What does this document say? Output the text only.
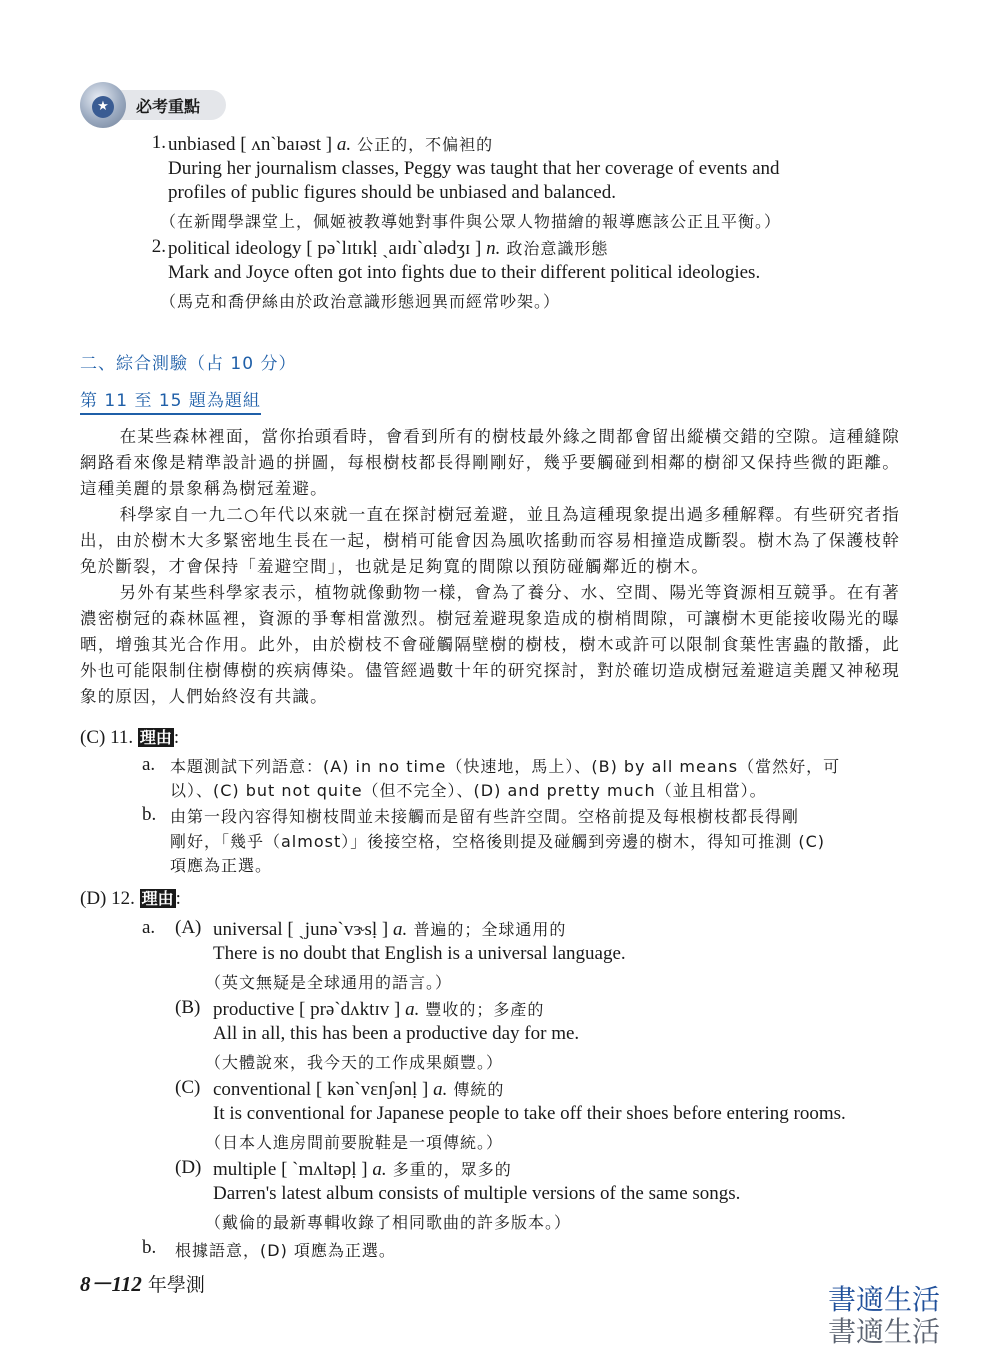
★	必考重點
1. unbiased [ ʌnˋbaɪəst ] a. 公正的，不偏袒的
During her journalism classes, Peggy was taught that her coverage of events and
profiles of public figures should be unbiased and balanced.
（在新聞學課堂上，佩姬被教導她對事件與公眾人物描繪的報導應該公正且平衡。）
2. political ideology [ pəˋlɪtɪkḷ ˏaɪdɪˋɑlədʒɪ ] n. 政治意識形態
Mark and Joyce often got into fights due to their different political ideologies.
（馬克和喬伊絲由於政治意識形態迥異而經常吵架。）
二、綜合測驗（占 10 分）
第 11 至 15 題為題組

在某些森林裡面，當你抬頭看時，會看到所有的樹枝最外緣之間都會留出縱橫交錯的空隙。這種縫隙網路看來像是精準設計過的拼圖，每根樹枝都長得剛剛好，幾乎要觸碰到相鄰的樹卻又保持些微的距離。這種美麗的景象稱為樹冠羞避。

科學家自一九二○年代以來就一直在探討樹冠羞避，並且為這種現象提出過多種解釋。有些研究者指出，由於樹木大多緊密地生長在一起，樹梢可能會因為風吹搖動而容易相撞造成斷裂。樹木為了保護枝幹免於斷裂，才會保持「羞避空間」，也就是足夠寬的間隙以預防碰觸鄰近的樹木。

另外有某些科學家表示，植物就像動物一樣，會為了養分、水、空間、陽光等資源相互競爭。在有著濃密樹冠的森林區裡，資源的爭奪相當激烈。樹冠羞避現象造成的樹梢間隙，可讓樹木更能接收陽光的曝晒，增強其光合作用。此外，由於樹枝不會碰觸隔壁樹的樹枝，樹木或許可以限制食葉性害蟲的散播，此外也可能限制住樹傳樹的疾病傳染。儘管經過數十年的研究探討，對於確切造成樹冠羞避這美麗又神秘現象的原因，人們始終沒有共識。

(C) 11. 理由 :
a. 本題測試下列語意：(A) in no time（快速地，馬上）、(B) by all means（當然好，可
以）、(C) but not quite（但不完全）、(D) and pretty much（並且相當）。
b. 由第一段內容得知樹枝間並未接觸而是留有些許空間。空格前提及每根樹枝都長得剛
剛好，「幾乎（almost）」後接空格，空格後則提及碰觸到旁邊的樹木，得知可推測 (C)
項應為正選。
(D) 12. 理由 :
a. (A) universal [ ˏjunəˋvɝsḷ ] a. 普遍的；全球通用的
There is no doubt that English is a universal language.
（英文無疑是全球通用的語言。）
(B) productive [ prəˋdʌktɪv ] a. 豐收的；多產的
All in all, this has been a productive day for me.
（大體說來，我今天的工作成果頗豐。）
(C) conventional [ kənˋvɛnʃənḷ ] a. 傳統的
It is conventional for Japanese people to take off their shoes before entering rooms.
（日本人進房間前要脫鞋是一項傳統。）
(D) multiple [ ˋmʌltəpḷ ] a. 多重的，眾多的
Darren's latest album consists of multiple versions of the same songs.
（戴倫的最新專輯收錄了相同歌曲的許多版本。）
b. 根據語意，(D) 項應為正選。
8－112 年學測	書適生活
書適生活
